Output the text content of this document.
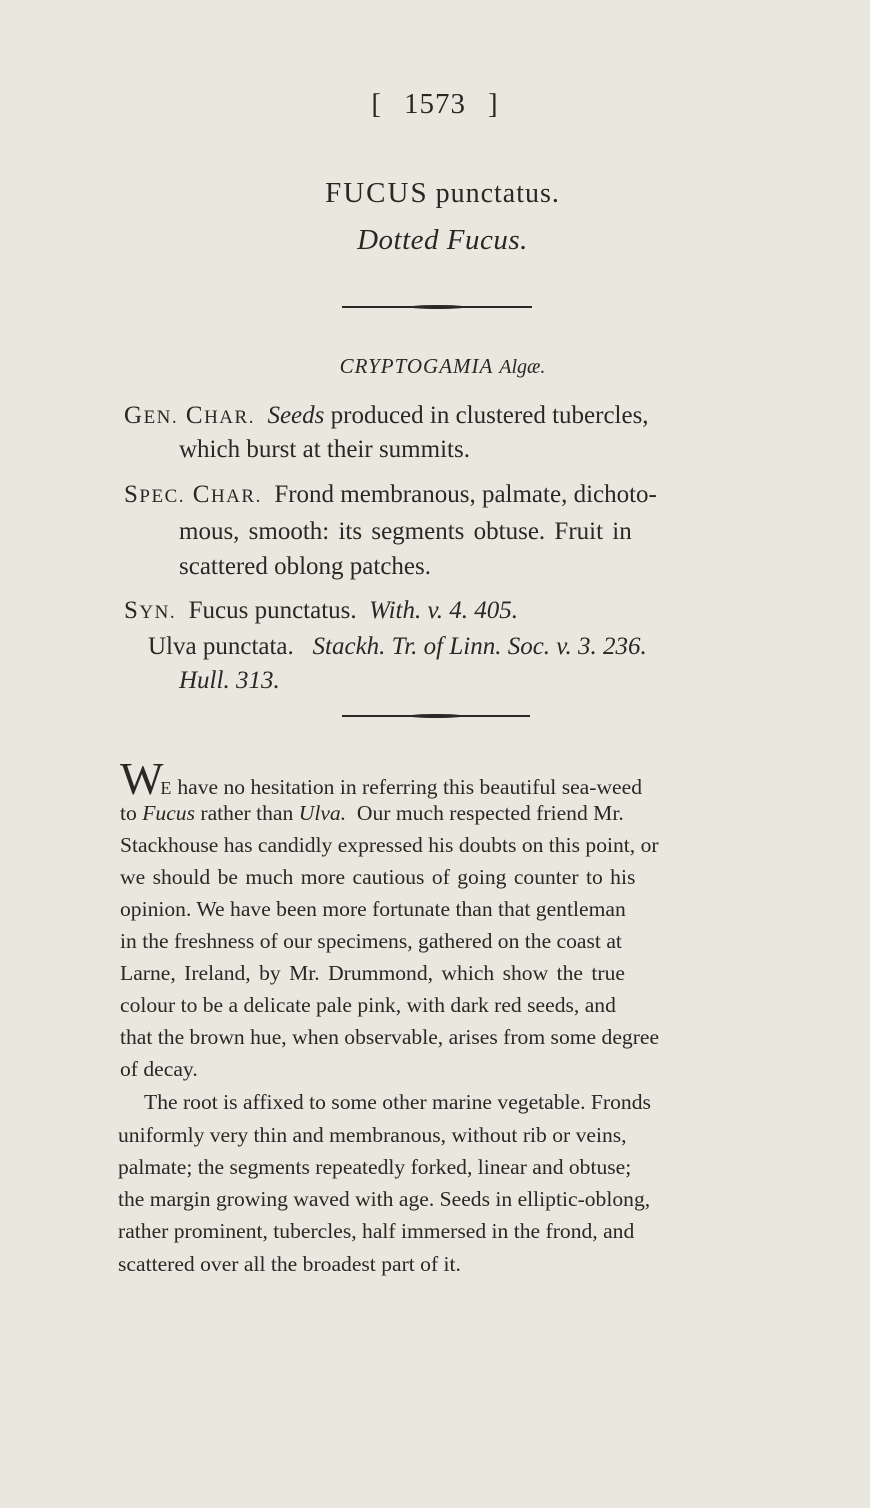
[ 1573 ]
FUCUS punctatus.
Dotted Fucus.
CRYPTOGAMIA Algæ.
GEN. CHAR. Seeds produced in clustered tubercles,
which burst at their summits.
SPEC. CHAR. Frond membranous, palmate, dichoto-
mous, smooth: its segments obtuse. Fruit in
scattered oblong patches.
SYN. Fucus punctatus. With. v. 4. 405.
Ulva punctata. Stackh. Tr. of Linn. Soc. v. 3. 236.
Hull. 313.
WE have no hesitation in referring this beautiful sea-weed
to Fucus rather than Ulva. Our much respected friend Mr.
Stackhouse has candidly expressed his doubts on this point, or
we should be much more cautious of going counter to his
opinion. We have been more fortunate than that gentleman
in the freshness of our specimens, gathered on the coast at
Larne, Ireland, by Mr. Drummond, which show the true
colour to be a delicate pale pink, with dark red seeds, and
that the brown hue, when observable, arises from some degree
of decay.
The root is affixed to some other marine vegetable. Fronds
uniformly very thin and membranous, without rib or veins,
palmate; the segments repeatedly forked, linear and obtuse;
the margin growing waved with age. Seeds in elliptic-oblong,
rather prominent, tubercles, half immersed in the frond, and
scattered over all the broadest part of it.
